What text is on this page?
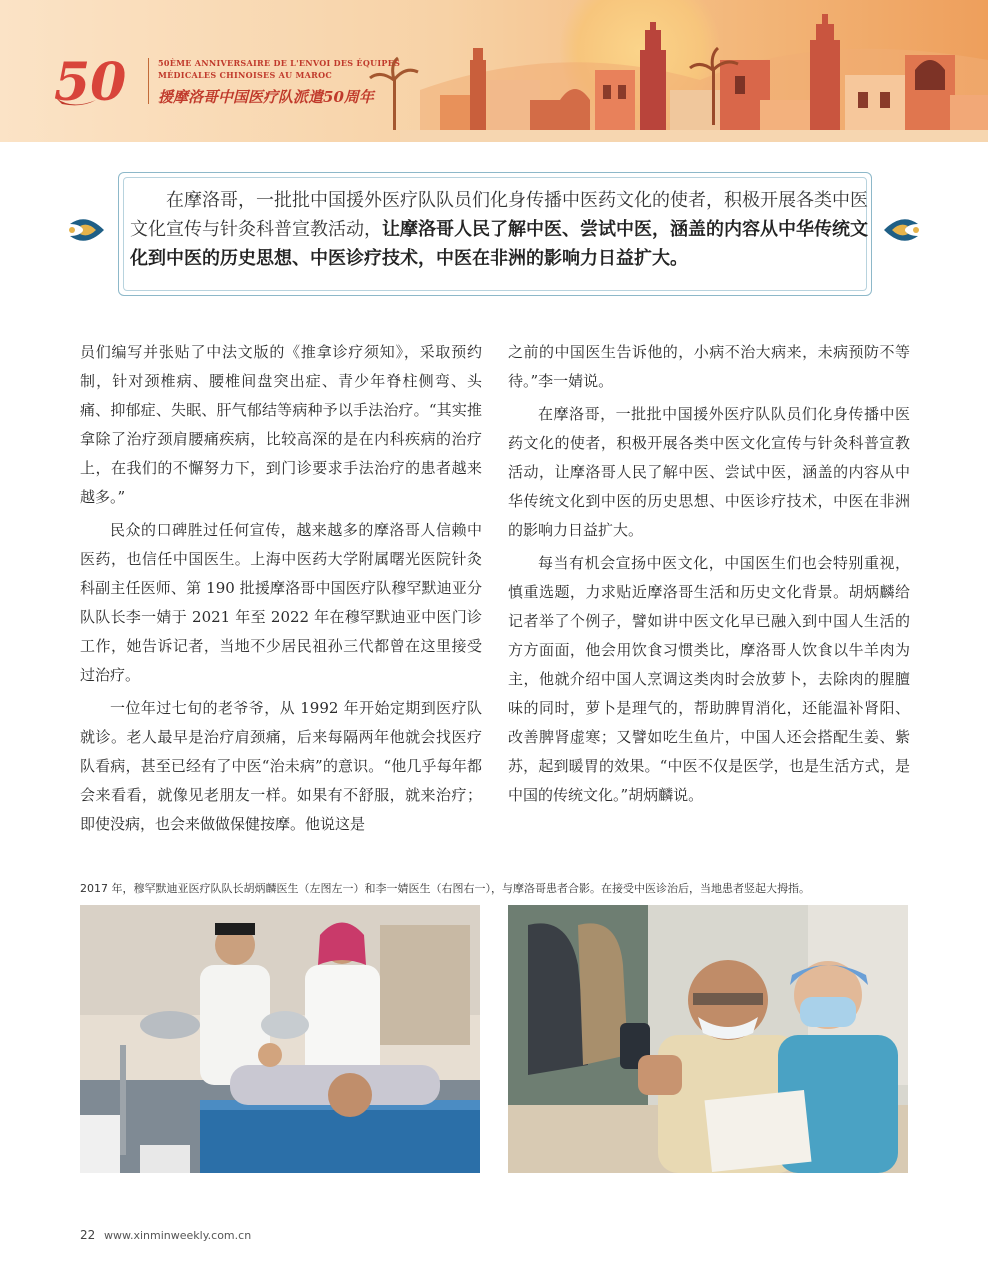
50	50ÈME ANNIVERSAIRE DE L'ENVOI DES ÉQUIPES
MÉDICALES CHINOISES AU MAROC
援摩洛哥中国医疗队派遣50周年
在摩洛哥，一批批中国援外医疗队队员们化身传播中医药文化的使者，积极开展各类中医文化宣传与针灸科普宣教活动，让摩洛哥人民了解中医、尝试中医，涵盖的内容从中华传统文化到中医的历史思想、中医诊疗技术，中医在非洲的影响力日益扩大。

员们编写并张贴了中法文版的《推拿诊疗须知》，采取预约制，针对颈椎病、腰椎间盘突出症、青少年脊柱侧弯、头痛、抑郁症、失眠、肝气郁结等病种予以手法治疗。“其实推拿除了治疗颈肩腰痛疾病，比较高深的是在内科疾病的治疗上，在我们的不懈努力下，到门诊要求手法治疗的患者越来越多。”

民众的口碑胜过任何宣传，越来越多的摩洛哥人信赖中医药，也信任中国医生。上海中医药大学附属曙光医院针灸科副主任医师、第 190 批援摩洛哥中国医疗队穆罕默迪亚分队队长李一婧于 2021 年至 2022 年在穆罕默迪亚中医门诊工作，她告诉记者，当地不少居民祖孙三代都曾在这里接受过治疗。

一位年过七旬的老爷爷，从 1992 年开始定期到医疗队就诊。老人最早是治疗肩颈痛，后来每隔两年他就会找医疗队看病，甚至已经有了中医“治未病”的意识。“他几乎每年都会来看看，就像见老朋友一样。如果有不舒服，就来治疗；即使没病，也会来做做保健按摩。他说这是

之前的中国医生告诉他的，小病不治大病来，未病预防不等待。”李一婧说。

在摩洛哥，一批批中国援外医疗队队员们化身传播中医药文化的使者，积极开展各类中医文化宣传与针灸科普宣教活动，让摩洛哥人民了解中医、尝试中医，涵盖的内容从中华传统文化到中医的历史思想、中医诊疗技术，中医在非洲的影响力日益扩大。

每当有机会宣扬中医文化，中国医生们也会特别重视，慎重选题，力求贴近摩洛哥生活和历史文化背景。胡炳麟给记者举了个例子，譬如讲中医文化早已融入到中国人生活的方方面面，他会用饮食习惯类比，摩洛哥人饮食以牛羊肉为主，他就介绍中国人烹调这类肉时会放萝卜，去除肉的腥膻味的同时，萝卜是理气的，帮助脾胃消化，还能温补肾阳、改善脾肾虚寒；又譬如吃生鱼片，中国人还会搭配生姜、紫苏，起到暖胃的效果。“中医不仅是医学，也是生活方式，是中国的传统文化。”胡炳麟说。

2017 年，穆罕默迪亚医疗队队长胡炳麟医生（左图左一）和李一婧医生（右图右一），与摩洛哥患者合影。在接受中医诊治后，当地患者竖起大拇指。
22 www.xinminweekly.com.cn
